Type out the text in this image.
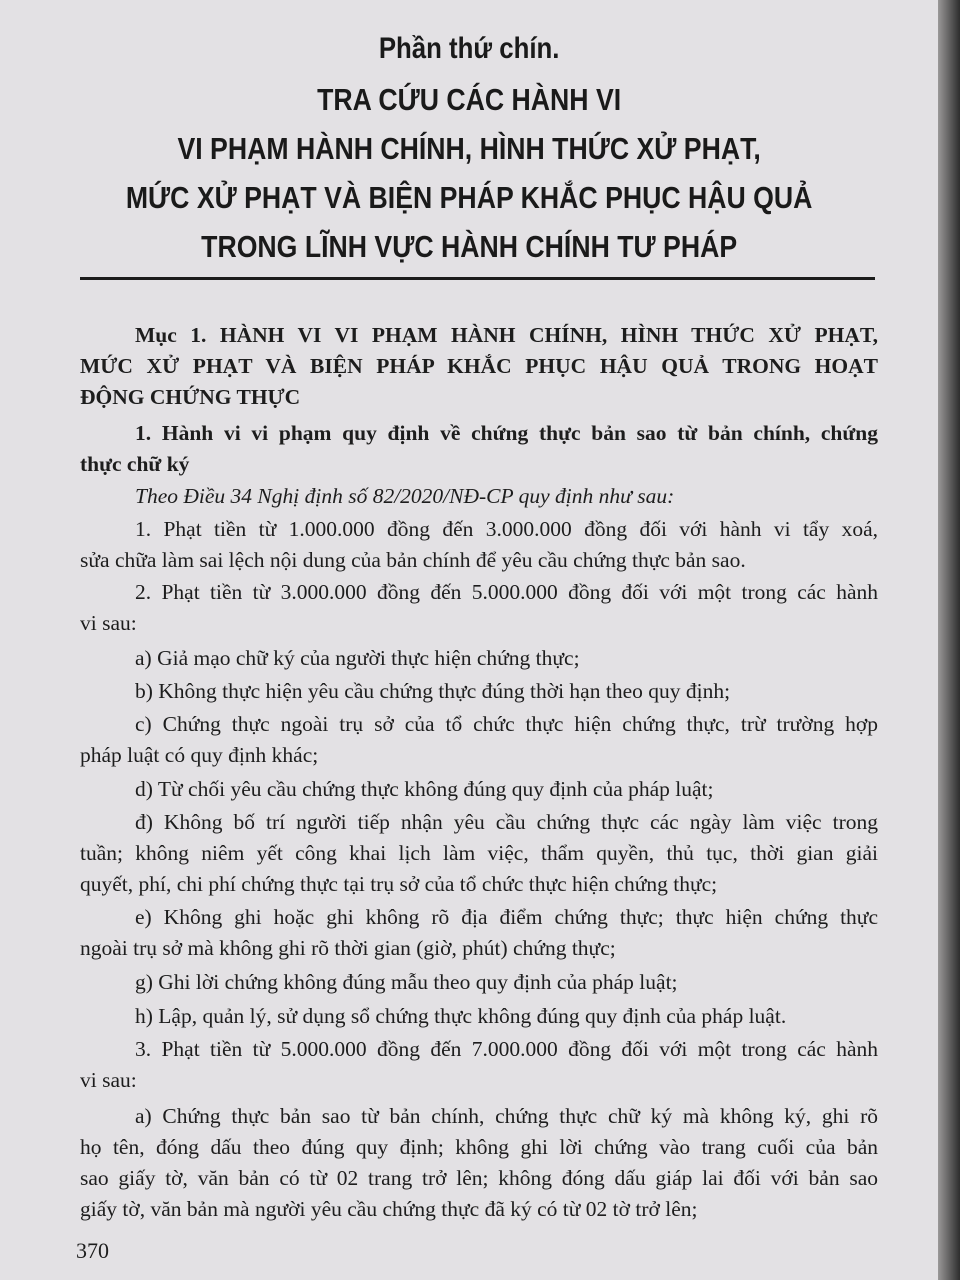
Phần thứ chín.
TRA CỨU CÁC HÀNH VI
VI PHẠM HÀNH CHÍNH, HÌNH THỨC XỬ PHẠT,
MỨC XỬ PHẠT VÀ BIỆN PHÁP KHẮC PHỤC HẬU QUẢ
TRONG LĨNH VỰC HÀNH CHÍNH TƯ PHÁP

Mục 1. HÀNH VI VI PHẠM HÀNH CHÍNH, HÌNH THỨC XỬ PHẠT,

MỨC XỬ PHẠT VÀ BIỆN PHÁP KHẮC PHỤC HẬU QUẢ TRONG HOẠT

ĐỘNG CHỨNG THỰC

1. Hành vi vi phạm quy định về chứng thực bản sao từ bản chính, chứng

thực chữ ký

Theo Điều 34 Nghị định số 82/2020/NĐ-CP quy định như sau:

1. Phạt tiền từ 1.000.000 đồng đến 3.000.000 đồng đối với hành vi tẩy xoá,

sửa chữa làm sai lệch nội dung của bản chính để yêu cầu chứng thực bản sao.

2. Phạt tiền từ 3.000.000 đồng đến 5.000.000 đồng đối với một trong các hành

vi sau:

a) Giả mạo chữ ký của người thực hiện chứng thực;

b) Không thực hiện yêu cầu chứng thực đúng thời hạn theo quy định;

c) Chứng thực ngoài trụ sở của tổ chức thực hiện chứng thực, trừ trường hợp

pháp luật có quy định khác;

d) Từ chối yêu cầu chứng thực không đúng quy định của pháp luật;

đ) Không bố trí người tiếp nhận yêu cầu chứng thực các ngày làm việc trong

tuần; không niêm yết công khai lịch làm việc, thẩm quyền, thủ tục, thời gian giải

quyết, phí, chi phí chứng thực tại trụ sở của tổ chức thực hiện chứng thực;

e) Không ghi hoặc ghi không rõ địa điểm chứng thực; thực hiện chứng thực

ngoài trụ sở mà không ghi rõ thời gian (giờ, phút) chứng thực;

g) Ghi lời chứng không đúng mẫu theo quy định của pháp luật;

h) Lập, quản lý, sử dụng sổ chứng thực không đúng quy định của pháp luật.

3. Phạt tiền từ 5.000.000 đồng đến 7.000.000 đồng đối với một trong các hành

vi sau:

a) Chứng thực bản sao từ bản chính, chứng thực chữ ký mà không ký, ghi rõ

họ tên, đóng dấu theo đúng quy định; không ghi lời chứng vào trang cuối của bản

sao giấy tờ, văn bản có từ 02 trang trở lên; không đóng dấu giáp lai đối với bản sao

giấy tờ, văn bản mà người yêu cầu chứng thực đã ký có từ 02 tờ trở lên;

370
